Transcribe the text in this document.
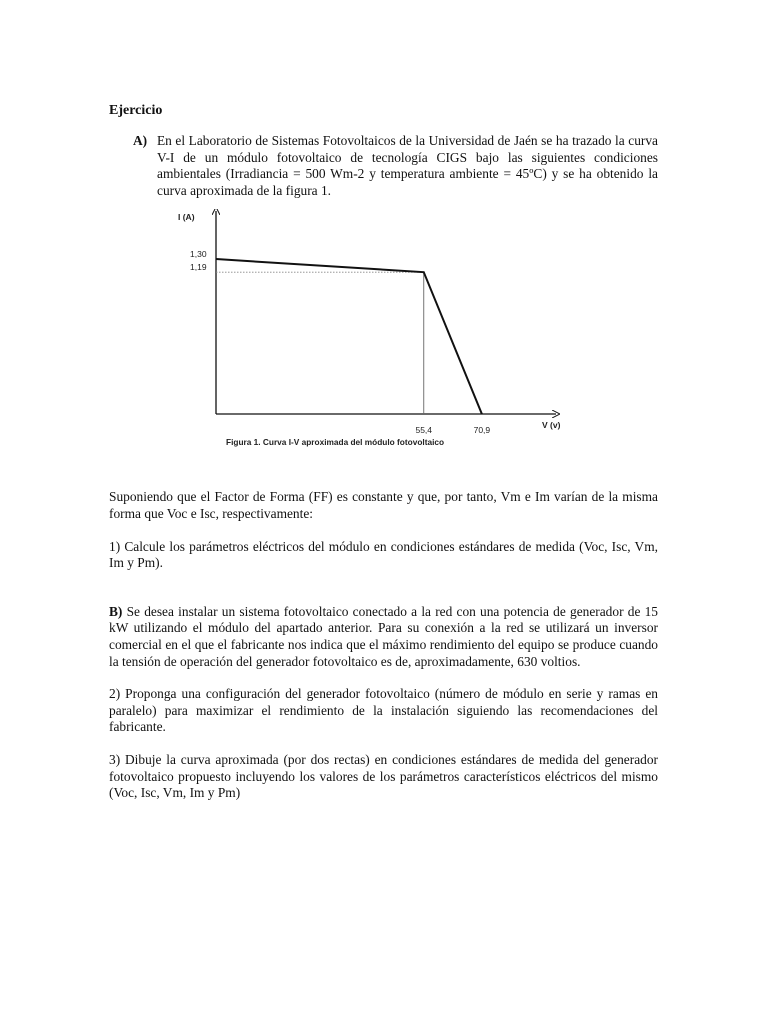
Ejercicio

A) En el Laboratorio de Sistemas Fotovoltaicos de la Universidad de Jaén se ha trazado la curva V-I de un módulo fotovoltaico de tecnología CIGS bajo las siguientes condiciones ambientales (Irradiancia = 500 Wm-2 y temperatura ambiente = 45ºC) y se ha obtenido la curva aproximada de la figura 1.
I (A)
V (v)
1,30
1,19
55,4	70,9
Figura 1. Curva I-V aproximada del módulo fotovoltaico

Suponiendo que el Factor de Forma (FF) es constante y que, por tanto, Vm e Im varían de la misma forma que Voc e Isc, respectivamente:

1) Calcule los parámetros eléctricos del módulo en condiciones estándares de medida (Voc, Isc, Vm, Im y Pm).

B) Se desea instalar un sistema fotovoltaico conectado a la red con una potencia de generador de 15 kW utilizando el módulo del apartado anterior. Para su conexión a la red se utilizará un inversor comercial en el que el fabricante nos indica que el máximo rendimiento del equipo se produce cuando la tensión de operación del generador fotovoltaico es de, aproximadamente, 630 voltios.

2) Proponga una configuración del generador fotovoltaico (número de módulo en serie y ramas en paralelo) para maximizar el rendimiento de la instalación siguiendo las recomendaciones del fabricante.

3) Dibuje la curva aproximada (por dos rectas) en condiciones estándares de medida del generador fotovoltaico propuesto incluyendo los valores de los parámetros característicos eléctricos del mismo (Voc, Isc, Vm, Im y Pm)
